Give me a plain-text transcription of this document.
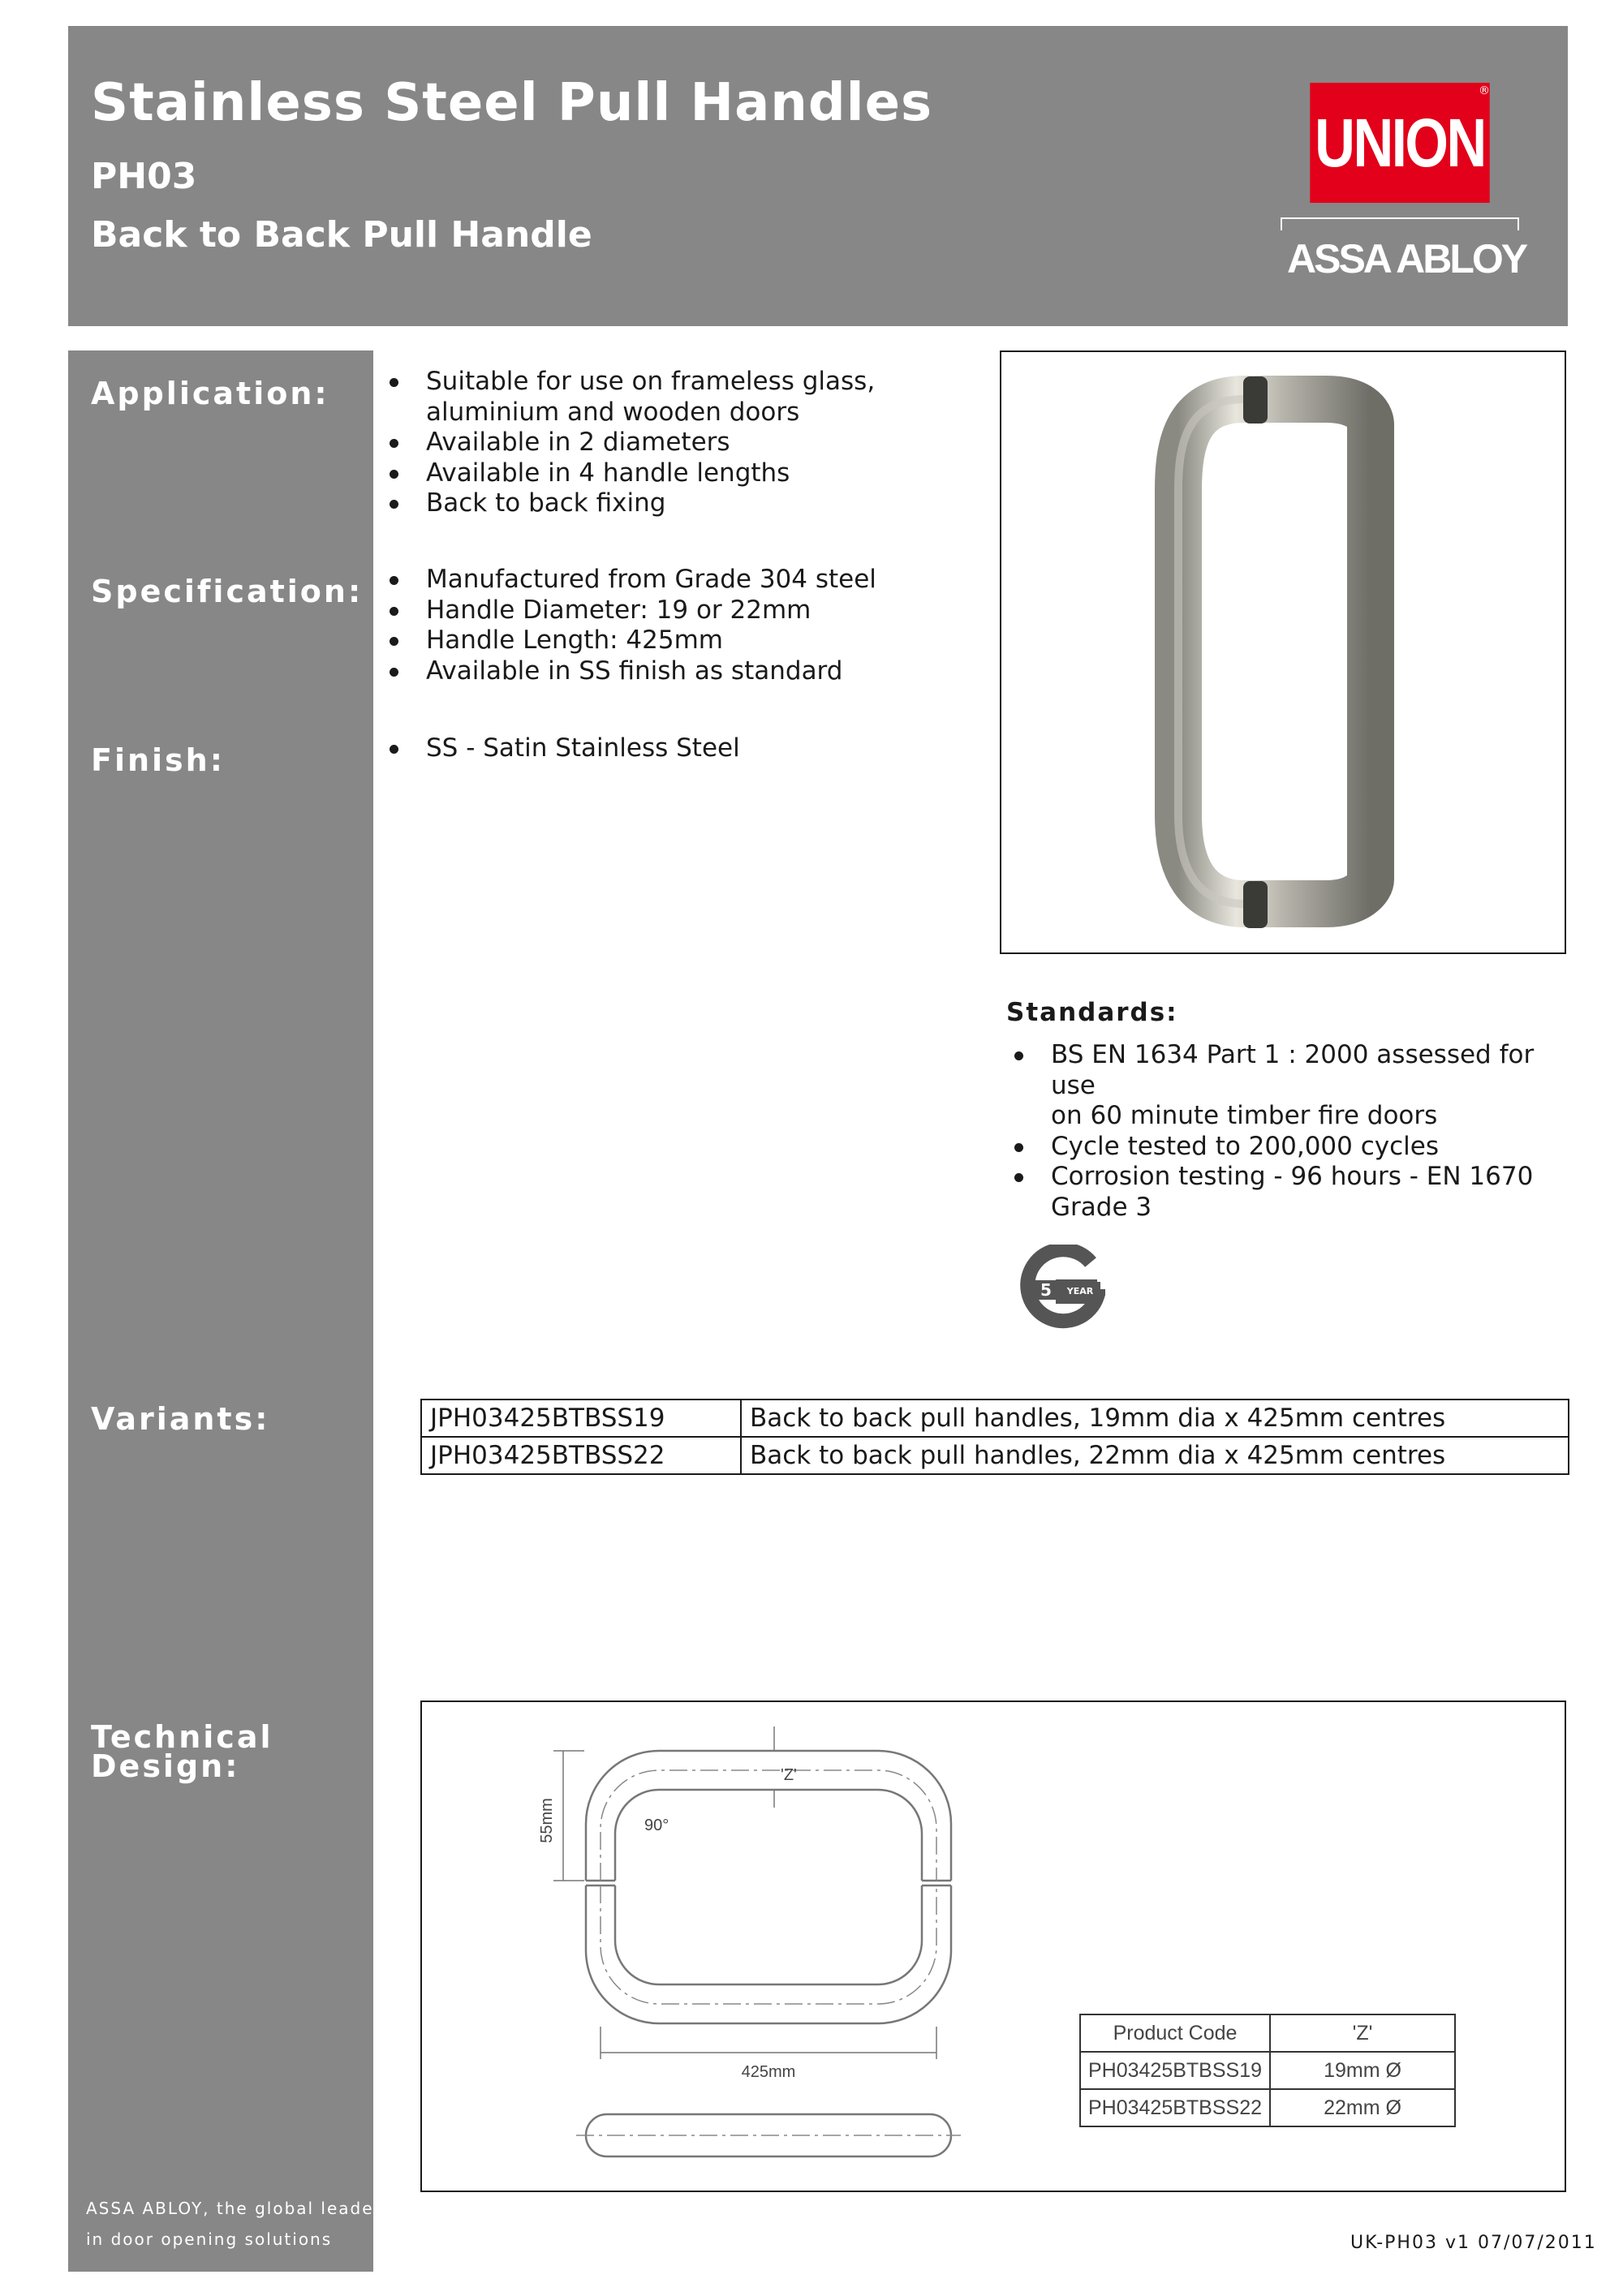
Stainless Steel Pull Handles
PH03
Back to Back Pull Handle
UNION
®
ASSA ABLOY
Application:
Specification:
Finish:
Variants:
Technical
Design:
ASSA ABLOY, the global leader
in door opening solutions
Suitable for use on frameless glass,
aluminium and wooden doors
Available in 2 diameters
Available in 4 handle lengths
Back to back fixing
Manufactured from Grade 304 steel
Handle Diameter: 19 or 22mm
Handle Length: 425mm
Available in SS finish as standard
SS - Satin Stainless Steel
Standards:
BS EN 1634 Part 1 : 2000 assessed for use
on 60 minute timber fire doors
Cycle tested to 200,000 cycles
Corrosion testing - 96 hours - EN 1670
Grade 3
5 YEAR
JPH03425BTBSS19	Back to back pull handles, 19mm dia x 425mm centres
JPH03425BTBSS22	Back to back pull handles, 22mm dia x 425mm centres
55mm	90°
'Z'
425mm
Product Code	'Z'
PH03425BTBSS19	19mm Ø
PH03425BTBSS22	22mm Ø
UK-PH03 v1 07/07/2011
